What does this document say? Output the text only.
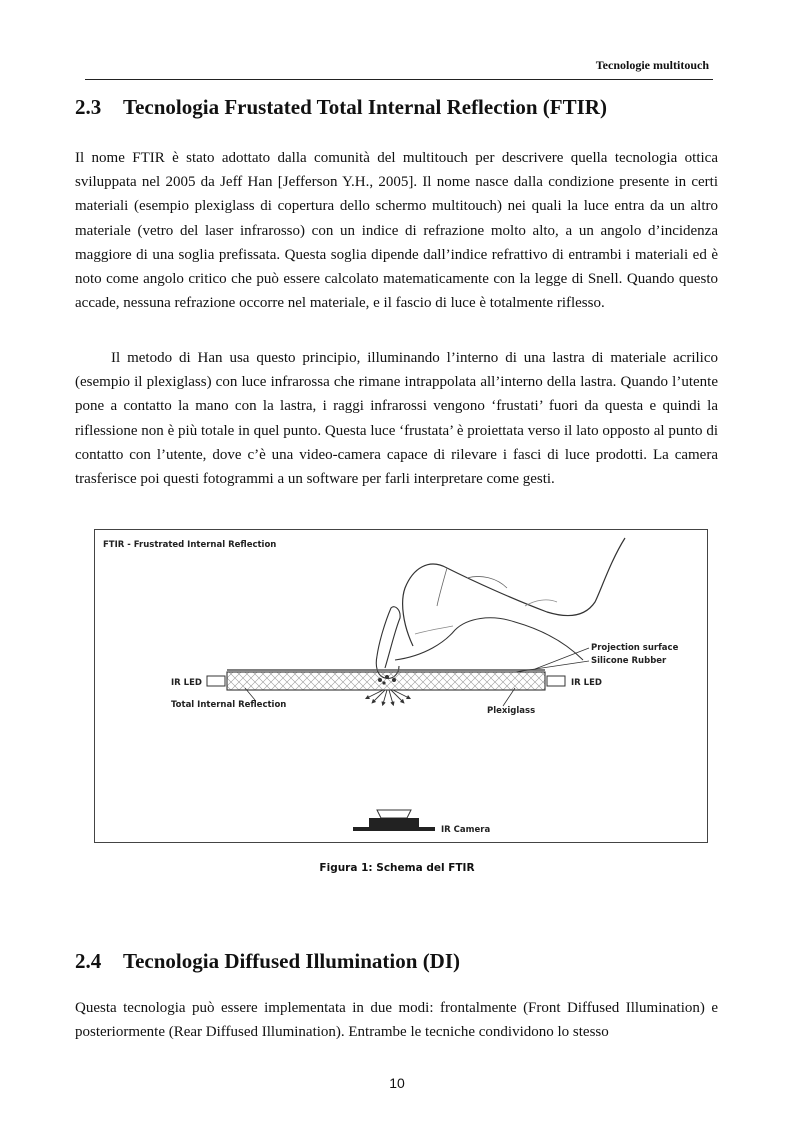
Tecnologie multitouch
2.3 Tecnologia Frustated Total Internal Reflection (FTIR)

Il nome FTIR è stato adottato dalla comunità del multitouch per descrivere quella tecnologia ottica sviluppata nel 2005 da Jeff Han [Jefferson Y.H., 2005]. Il nome nasce dalla condizione presente in certi materiali (esempio plexiglass di copertura dello schermo multitouch) nei quali la luce entra da un altro materiale (vetro del laser infrarosso) con un indice di refrazione molto alto, a un angolo d’incidenza maggiore di una soglia prefissata. Questa soglia dipende dall’indice refrattivo di entrambi i materiali ed è noto come angolo critico che può essere calcolato matematicamente con la legge di Snell. Quando questo accade, nessuna refrazione occorre nel materiale, e il fascio di luce è totalmente riflesso.

Il metodo di Han usa questo principio, illuminando l’interno di una lastra di materiale acrilico (esempio il plexiglass) con luce infrarossa che rimane intrappolata all’interno della lastra. Quando l’utente pone a contatto la mano con la lastra, i raggi infrarossi vengono ‘frustati’ fuori da questa e quindi la riflessione non è più totale in quel punto. Questa luce ‘frustata’ è proiettata verso il lato opposto al punto di contatto con l’utente, dove c’è una video-camera capace di rilevare i fasci di luce prodotti. La camera trasferisce poi questi fotogrammi a un software per farli interpretare come gesti.

FTIR - Frustrated Internal Reflection
Projection surface
Silicone Rubber
IR LED	IR LED
Total Internal Reflection
Plexiglass
IR Camera
Figura 1: Schema del FTIR
2.4 Tecnologia Diffused Illumination (DI)

Questa tecnologia può essere implementata in due modi: frontalmente (Front Diffused Illumination) e posteriormente (Rear Diffused Illumination). Entrambe le tecniche condividono lo stesso

10
